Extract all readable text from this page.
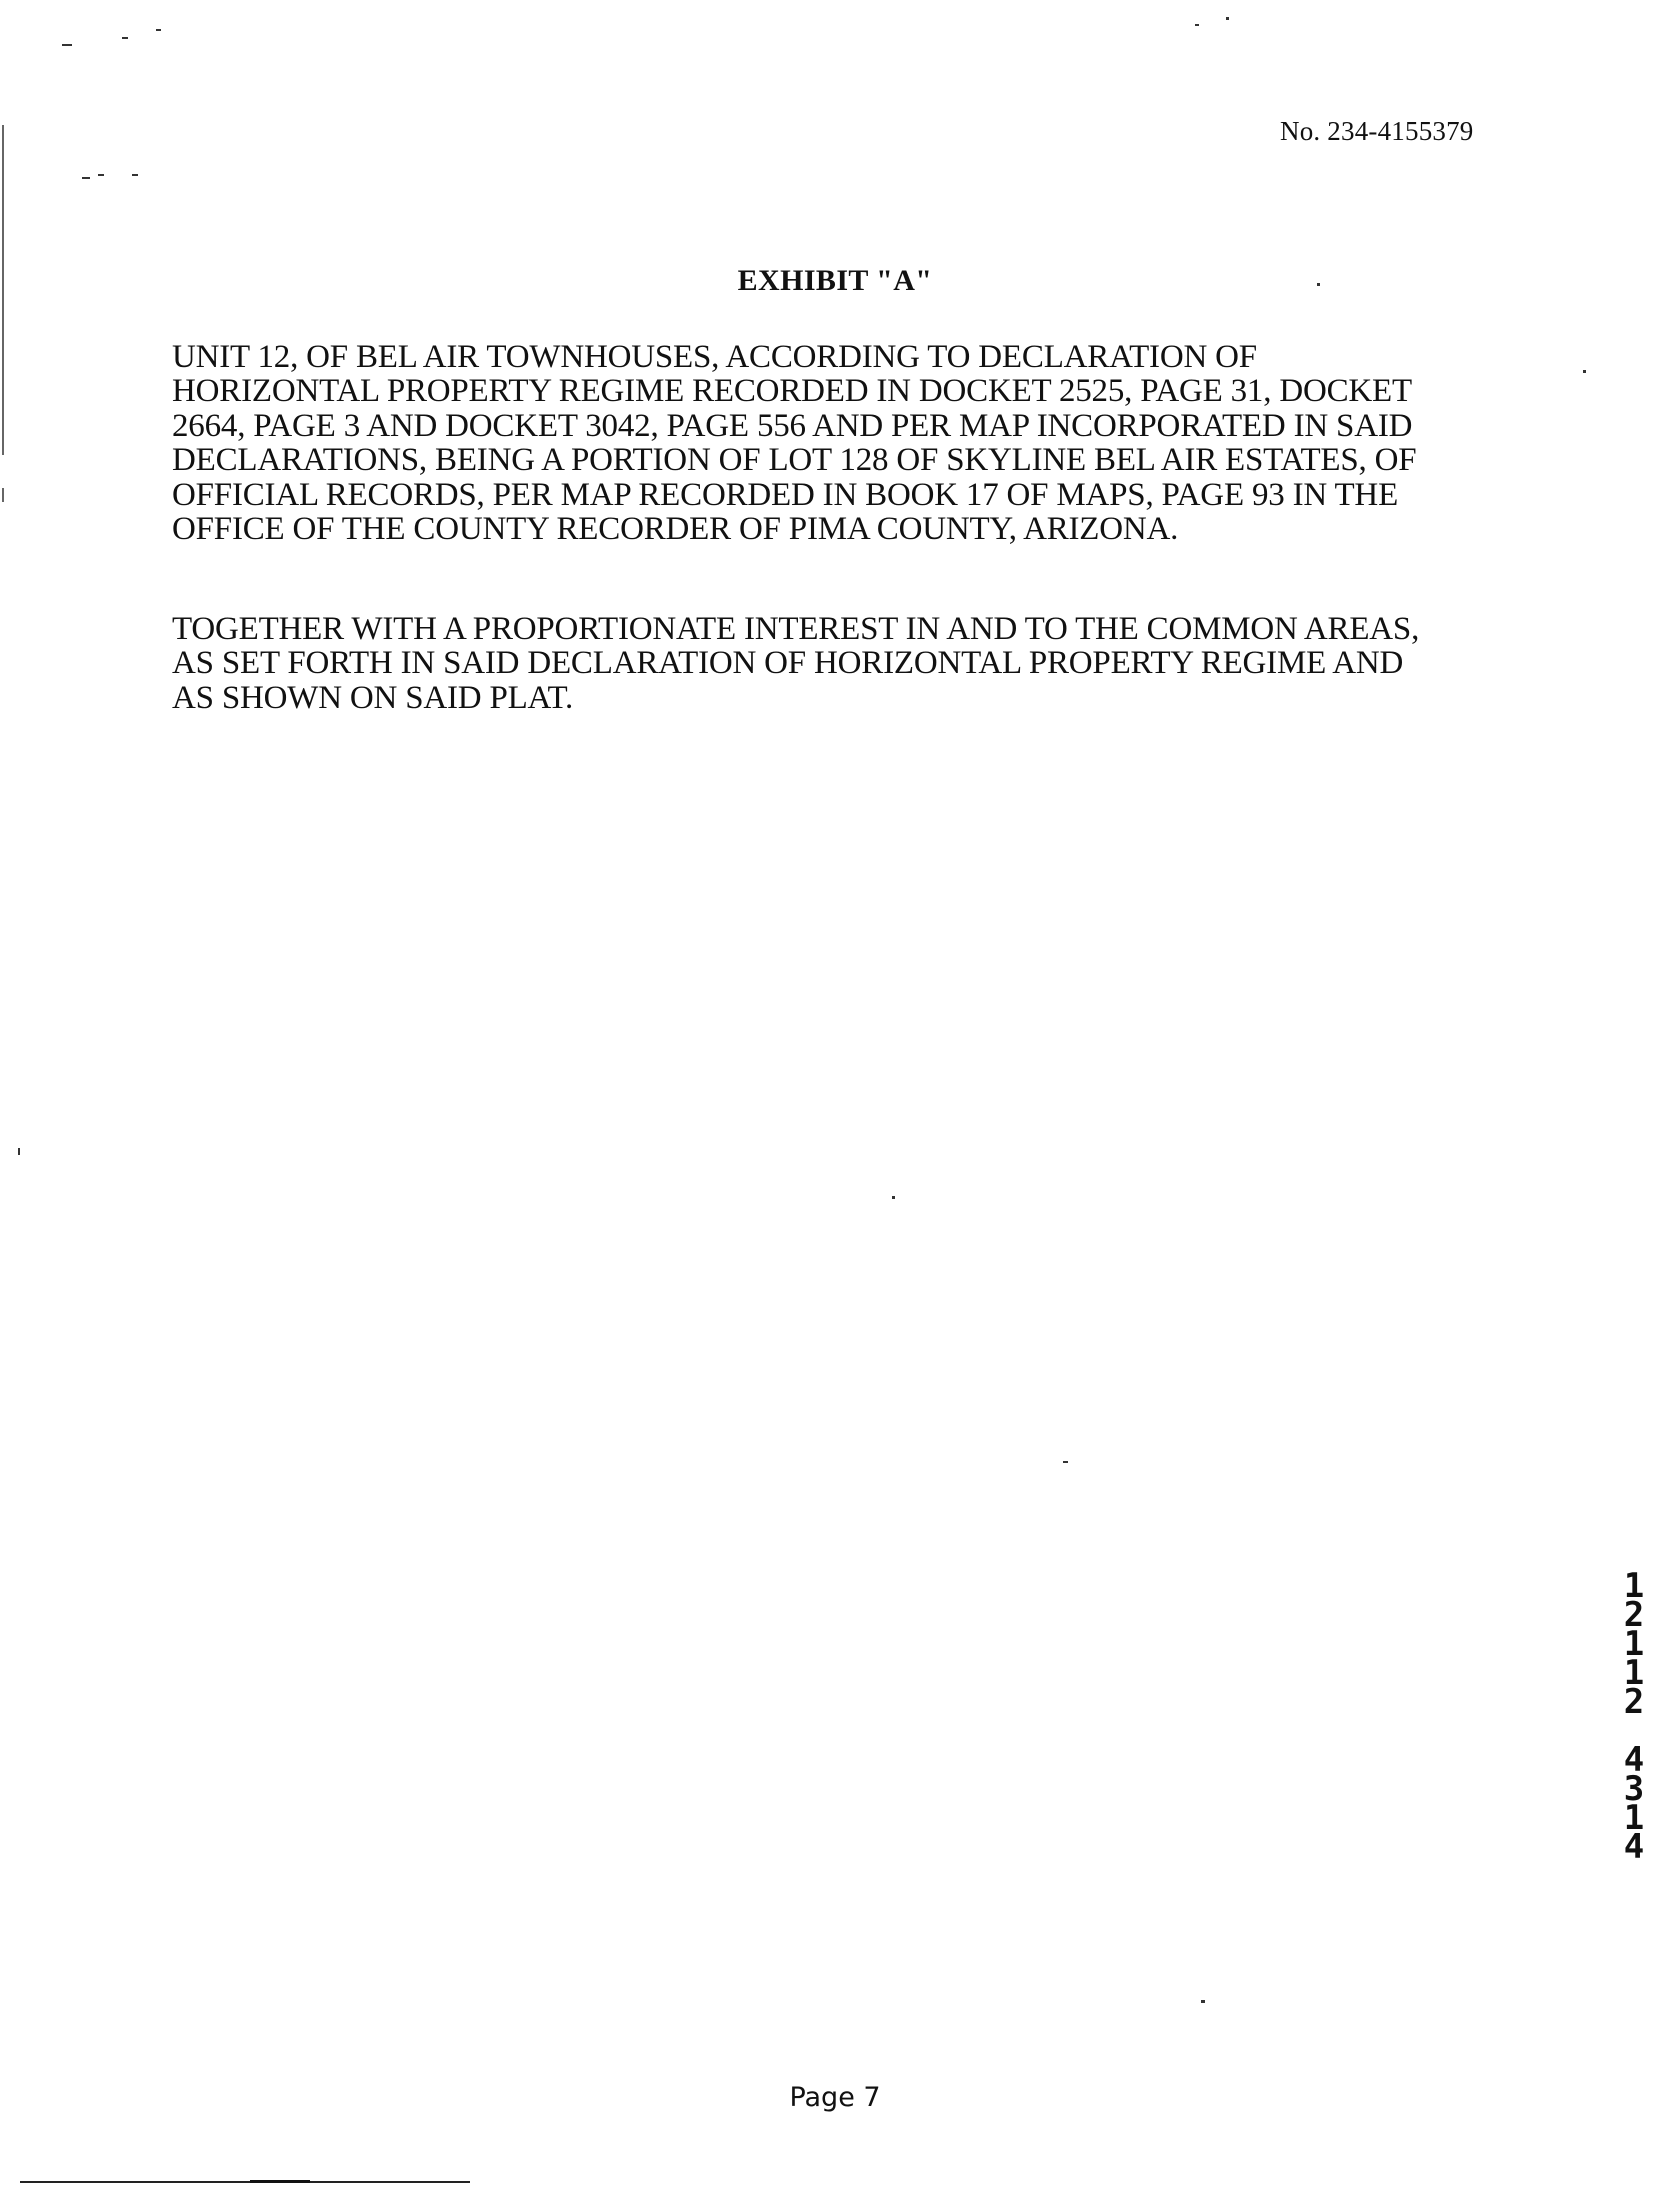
No. 234-4155379
EXHIBIT "A"
UNIT 12, OF BEL AIR TOWNHOUSES, ACCORDING TO DECLARATION OF
HORIZONTAL PROPERTY REGIME RECORDED IN DOCKET 2525, PAGE 31, DOCKET
2664, PAGE 3 AND DOCKET 3042, PAGE 556 AND PER MAP INCORPORATED IN SAID
DECLARATIONS, BEING A PORTION OF LOT 128 OF SKYLINE BEL AIR ESTATES, OF
OFFICIAL RECORDS, PER MAP RECORDED IN BOOK 17 OF MAPS, PAGE 93 IN THE
OFFICE OF THE COUNTY RECORDER OF PIMA COUNTY, ARIZONA.
TOGETHER WITH A PROPORTIONATE INTEREST IN AND TO THE COMMON AREAS,
AS SET FORTH IN SAID DECLARATION OF HORIZONTAL PROPERTY REGIME AND
AS SHOWN ON SAID PLAT.
1
2
1
1
2
4
3
1
4
Page 7
